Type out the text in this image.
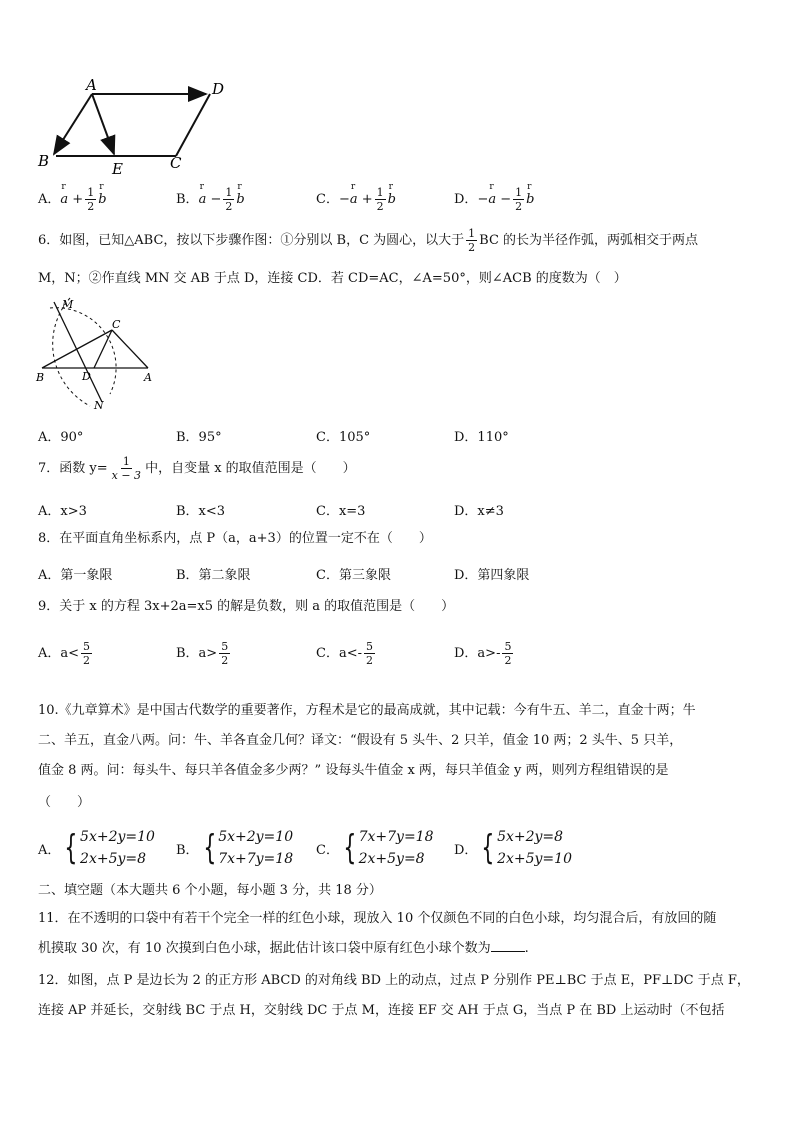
A	D
B	E	C
A．r $a + \frac{1}{2}$ r b	B．r $a - \frac{1}{2}$ r b	C．−r $a + \frac{1}{2}$ r b	D．−r $a - \frac{1}{2}$ r b
6．如图，已知△ABC，按以下步骤作图：①分别以 B，C 为圆心，以大于 $\frac{1}{2}$ BC 的长为半径作弧，两弧相交于两点
M，N；②作直线 MN 交 AB 于点 D，连接 CD．若 CD=AC，∠A=50°，则∠ACB 的度数为（　）
M
C
B	D	A
N
A．90°	B．95°	C．105°	D．110°
7．函数 $y= \frac{1}{x - 3}$ 中，自变量 x 的取值范围是（　　）
A．x>3	B．x<3	C．x=3	D．x≠3
8．在平面直角坐标系内，点 P（a，a+3）的位置一定不在（　　）
A．第一象限	B．第二象限	C．第三象限	D．第四象限
9．关于 x 的方程 3x+2a=x5 的解是负数，则 a 的取值范围是（　　）
A．$a< \frac{5}{2}$	B．$a> \frac{5}{2}$	C．$a<- \frac{5}{2}$	D．$a>- \frac{5}{2}$
10.《九章算术》是中国古代数学的重要著作，方程术是它的最高成就，其中记载：今有牛五、羊二，直金十两；牛
二、羊五，直金八两。问：牛、羊各直金几何？译文：“假设有 5 头牛、2 只羊，值金 10 两；2 头牛、5 只羊，
值金 8 两。问：每头牛、每只羊各值金多少两？” 设每头牛值金 x 两，每只羊值金 y 两，则列方程组错误的是
（　　）
A． { 5x+2y=10
2x+5y=8
B． { 5x+2y=10
7x+7y=18
C． { 7x+7y=18
2x+5y=8
D． { 5x+2y=8
2x+5y=10
二、填空题（本大题共 6 个小题，每小题 3 分，共 18 分）
11．在不透明的口袋中有若干个完全一样的红色小球，现放入 10 个仅颜色不同的白色小球，均匀混合后，有放回的随
机摸取 30 次，有 10 次摸到白色小球，据此估计该口袋中原有红色小球个数为	.
12．如图，点 P 是边长为 2 的正方形 ABCD 的对角线 BD 上的动点，过点 P 分别作 PE⊥BC 于点 E，PF⊥DC 于点 F，
连接 AP 并延长，交射线 BC 于点 H，交射线 DC 于点 M，连接 EF 交 AH 于点 G，当点 P 在 BD 上运动时（不包括
